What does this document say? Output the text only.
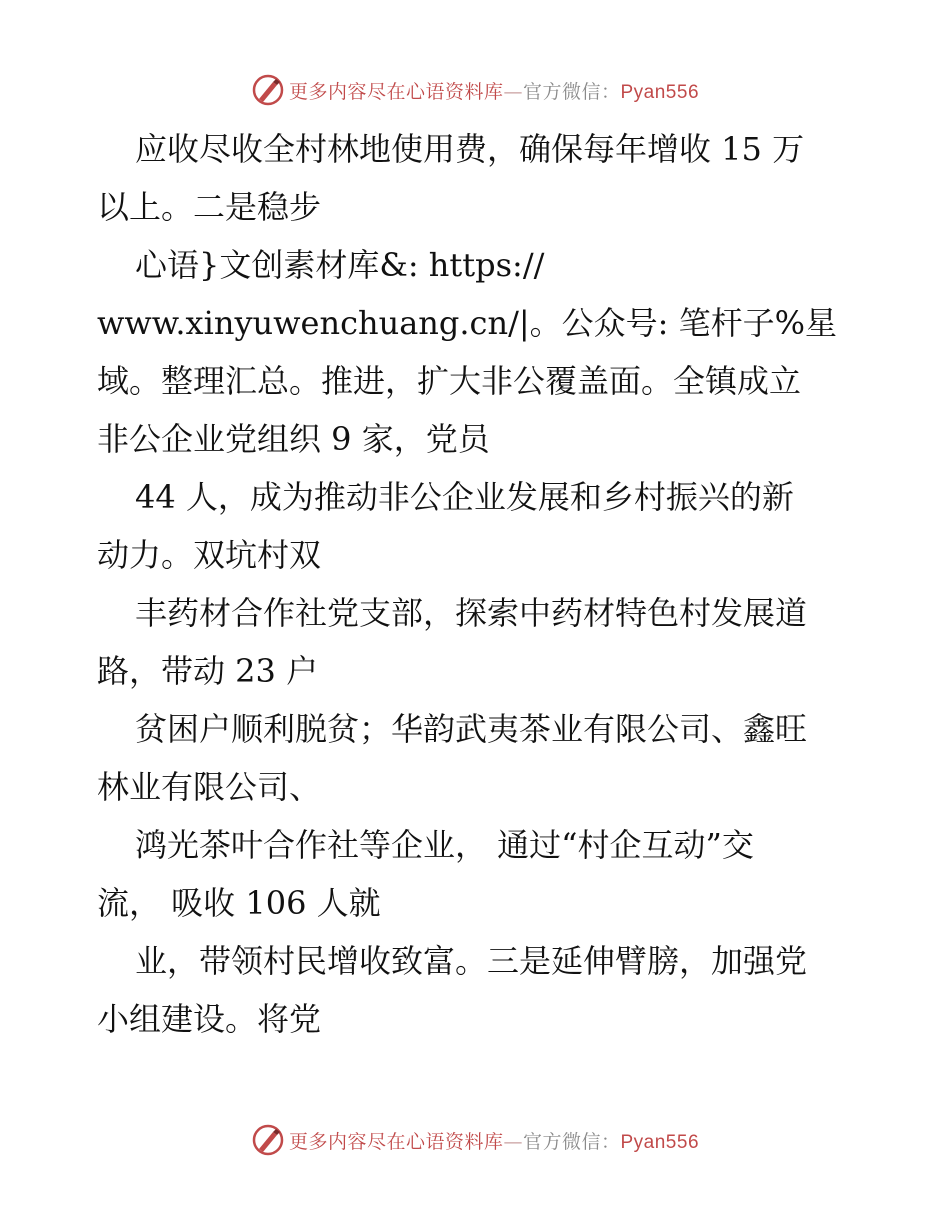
更多内容尽在心语资料库—官方微信：Pyan556
应收尽收全村林地使用费，确保每年增收 15 万
以上。二是稳步
心语}文创素材库&: https://
www.xinyuwenchuang.cn/|。公众号: 笔杆子%星
域。整理汇总。推进，扩大非公覆盖面。全镇成立
非公企业党组织 9 家，党员
44 人，成为推动非公企业发展和乡村振兴的新
动力。双坑村双
丰药材合作社党支部，探索中药材特色村发展道
路，带动 23 户
贫困户顺利脱贫；华韵武夷茶业有限公司、鑫旺
林业有限公司、
鸿光茶叶合作社等企业， 通过“村企互动”交
流， 吸收 106 人就
业，带领村民增收致富。三是延伸臂膀，加强党
小组建设。将党
更多内容尽在心语资料库—官方微信：Pyan556
